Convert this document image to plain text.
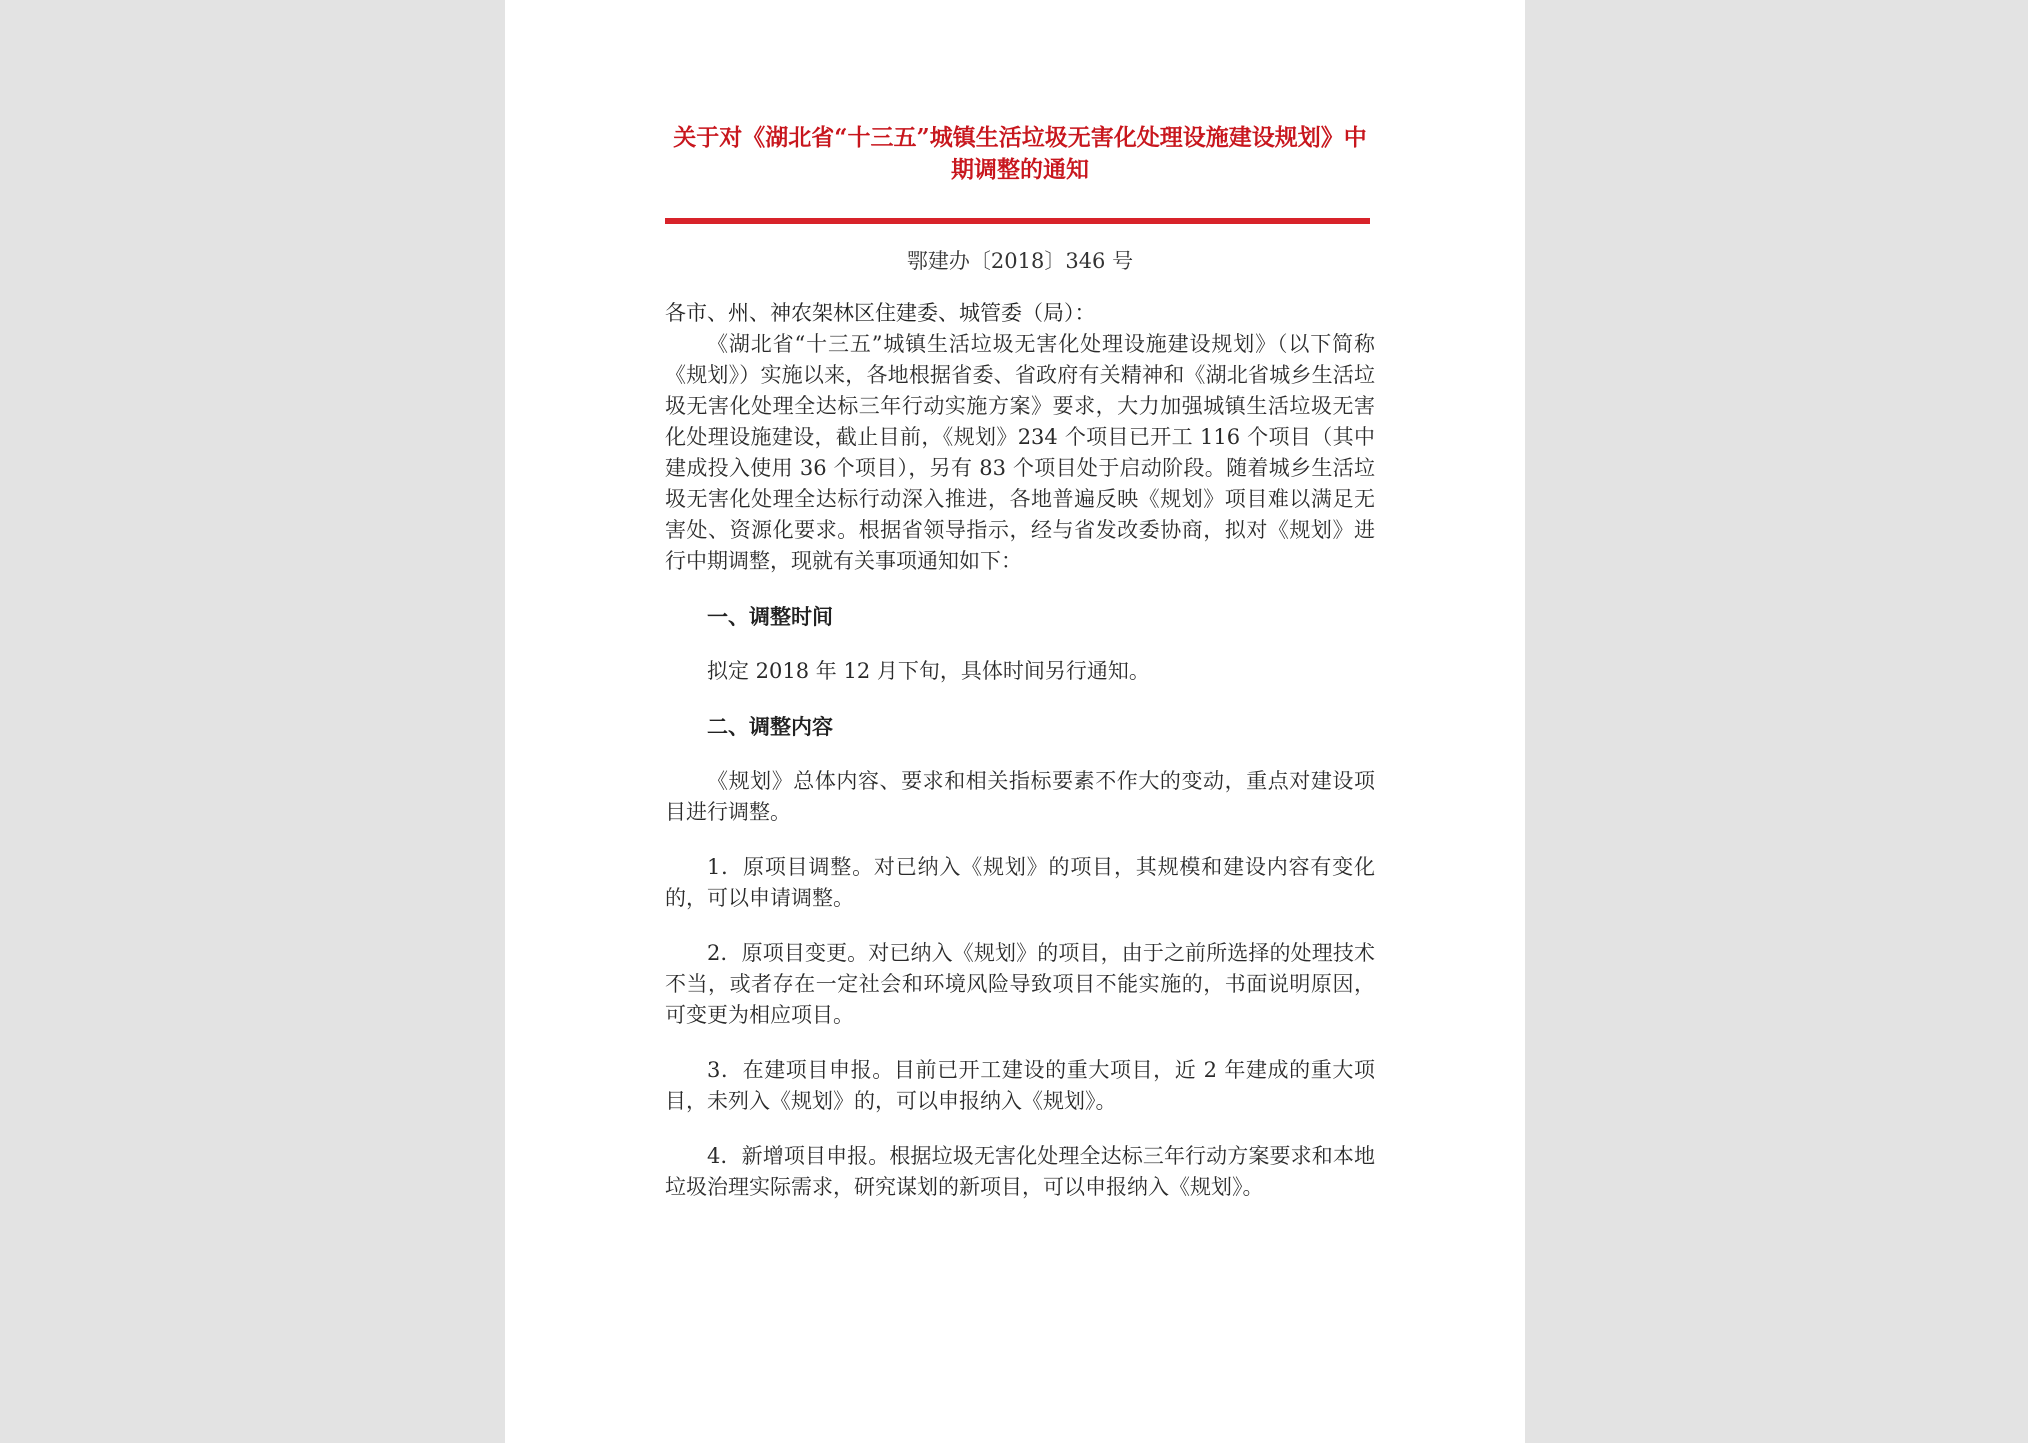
关于对《湖北省“十三五”城镇生活垃圾无害化处理设施建设规划》中期调整的通知
鄂建办〔2018〕346 号
各市、州、神农架林区住建委、城管委（局）：

《湖北省“十三五”城镇生活垃圾无害化处理设施建设规划》（以下简称《规划》）实施以来，各地根据省委、省政府有关精神和《湖北省城乡生活垃圾无害化处理全达标三年行动实施方案》要求，大力加强城镇生活垃圾无害化处理设施建设，截止目前，《规划》234 个项目已开工 116 个项目（其中建成投入使用 36 个项目），另有 83 个项目处于启动阶段。随着城乡生活垃圾无害化处理全达标行动深入推进，各地普遍反映《规划》项目难以满足无害处、资源化要求。根据省领导指示，经与省发改委协商，拟对《规划》进行中期调整，现就有关事项通知如下：

一、调整时间

拟定 2018 年 12 月下旬，具体时间另行通知。

二、调整内容

《规划》总体内容、要求和相关指标要素不作大的变动，重点对建设项目进行调整。

1．原项目调整。对已纳入《规划》的项目，其规模和建设内容有变化的，可以申请调整。

2．原项目变更。对已纳入《规划》的项目，由于之前所选择的处理技术不当，或者存在一定社会和环境风险导致项目不能实施的，书面说明原因，可变更为相应项目。

3．在建项目申报。目前已开工建设的重大项目，近 2 年建成的重大项目，未列入《规划》的，可以申报纳入《规划》。

4．新增项目申报。根据垃圾无害化处理全达标三年行动方案要求和本地垃圾治理实际需求，研究谋划的新项目，可以申报纳入《规划》。
